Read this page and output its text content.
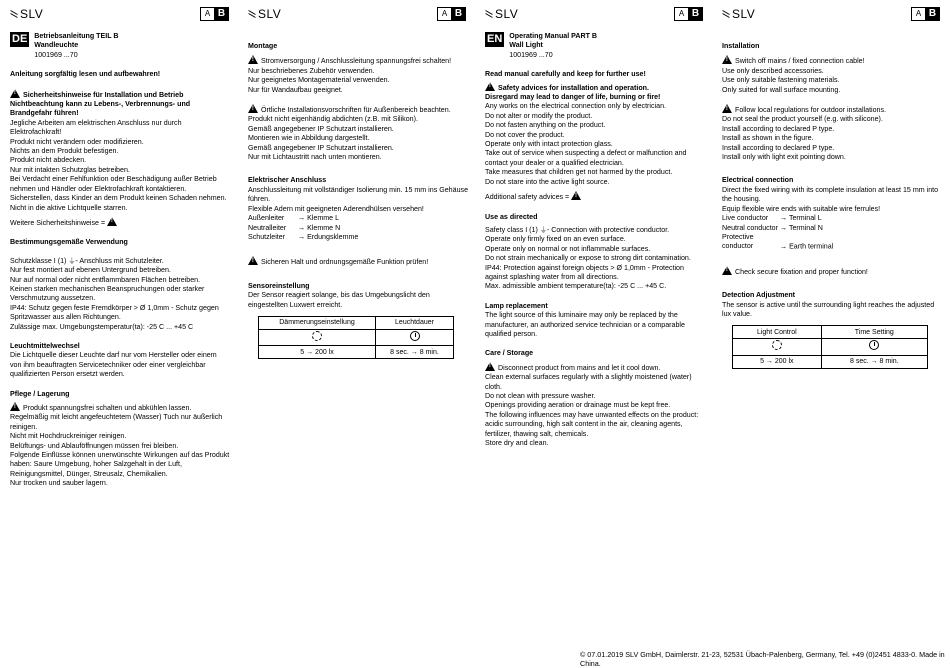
SLV	A B	SLV	A B	SLV	A B	SLV	A B
DE Betriebsanleitung TEIL B

Wandleuchte

1001969 ...70

Anleitung sorgfältig lesen und aufbewahren!

!Sicherheitshinweise für Installation und Betrieb

Nichtbeachtung kann zu Lebens-, Verbrennungs- und Brandgefahr führen!

Jegliche Arbeiten am elektrischen Anschluss nur durch Elektrofachkraft!

Produkt nicht verändern oder modifizieren.

Nichts an dem Produkt befestigen.

Produkt nicht abdecken.

Nur mit intakten Schutzglas betreiben.

Bei Verdacht einer Fehlfunktion oder Beschädigung außer Betrieb nehmen und Händler oder Elektrofachkraft kontaktieren.

Sicherstellen, dass Kinder an dem Produkt keinen Schaden nehmen.

Nicht in die aktive Lichtquelle starren.

Weitere Sicherheitshinweise = !

Bestimmungsgemäße Verwendung

Schutzklasse I (1) ⏚- Anschluss mit Schutzleiter.

Nur fest montiert auf ebenen Untergrund betreiben.

Nur auf normal oder nicht entflammbaren Flächen betreiben.

Keinen starken mechanischen Beanspruchungen oder starker Verschmutzung aussetzen.

IP44: Schutz gegen feste Fremdkörper > Ø 1,0mm - Schutz gegen Spritzwasser aus allen Richtungen.

Zulässige max. Umgebungstemperatur(ta): -25 C ... +45 C

Leuchtmittelwechsel

Die Lichtquelle dieser Leuchte darf nur vom Hersteller oder einem von ihm beauftragten Servicetechniker oder einer vergleichbar qualifizierten Person ersetzt werden.

Pflege / Lagerung

!Produkt spannungsfrei schalten und abkühlen lassen.

Regelmäßig mit leicht angefeuchtetem (Wasser) Tuch nur äußerlich reinigen.

Nicht mit Hochdruckreiniger reinigen.

Belüftungs- und Ablauföffnungen müssen frei bleiben.

Folgende Einflüsse können unerwünschte Wirkungen auf das Produkt haben: Saure Umgebung, hoher Salzgehalt in der Luft, Reinigungsmittel, Dünger, Streusalz, Chemikalien.

Nur trocken und sauber lagern.

Montage

!Stromversorgung / Anschlussleitung spannungsfrei schalten!

Nur beschriebenes Zubehör verwenden.

Nur geeignetes Montagematerial verwenden.

Nur für Wandaufbau geeignet.

!Örtliche Installationsvorschriften für Außenbereich beachten.

Produkt nicht eigenhändig abdichten (z.B. mit Silikon).

Gemäß angegebener IP Schutzart installieren.

Montieren wie in Abbildung dargestellt.

Gemäß angegebener IP Schutzart installieren.

Nur mit Lichtaustritt nach unten montieren.

Elektrischer Anschluss

Anschlussleitung mit vollständiger Isolierung min. 15 mm ins Gehäuse führen.

Flexible Adern mit geeigneten Aderendhülsen versehen!

Außenleiter → Klemme L

Neutralleiter → Klemme N

Schutzleiter → Erdungsklemme

!Sicheren Halt und ordnungsgemäße Funktion prüfen!

Sensoreinstellung

Der Sensor reagiert solange, bis das Umgebungslicht den eingestellten Luxwert erreicht.

Dämmerungseinstellung	Leuchtdauer

5 → 200 lx	8 sec. → 8 min.
EN Operating Manual PART B

Wall Light

1001969 ...70

Read manual carefully and keep for further use!

!Safety advices for installation and operation.

Disregard may lead to danger of life, burning or fire!

Any works on the electrical connection only by electrician.

Do not alter or modify the product.

Do not fasten anything on the product.

Do not cover the product.

Operate only with intact protection glass.

Take out of service when suspecting a defect or malfunction and contact your dealer or a qualified electrician.

Take measures that children get not harmed by the product.

Do not stare into the active light source.

Additional safety advices = !

Use as directed

Safety class I (1) ⏚- Connection with protective conductor.

Operate only firmly fixed on an even surface.

Operate only on normal or not inflammable surfaces.

Do not strain mechanically or expose to strong dirt contamination.

IP44: Protection against foreign objects > Ø 1,0mm - Protection against splashing water from all directions.

Max. admissible ambient temperature(ta): -25 C ... +45 C.

Lamp replacement

The light source of this luminaire may only be replaced by the manufacturer, an authorized service technician or a comparable qualified person.

Care / Storage

!Disconnect product from mains and let it cool down.

Clean external surfaces regularly with a slightly moistened (water) cloth.

Do not clean with pressure washer.

Openings providing aeration or drainage must be kept free.

The following influences may have unwanted effects on the product: acidic surrounding, high salt content in the air, cleaning agents, fertilizer, thawing salt, chemicals.

Store dry and clean.

Installation

!Switch off mains / fixed connection cable!

Use only described accessories.

Use only suitable fastening materials.

Only suited for wall surface mounting.

!Follow local regulations for outdoor installations.

Do not seal the product yourself (e.g. with silicone).

Install according to declared P type.

Install as shown in the figure.

Install according to declared P type.

Install only with light exit pointing down.

Electrical connection

Direct the fixed wiring with its complete insulation at least 15 mm into the housing.

Equip flexible wire ends with suitable wire ferrules!

Live conductor → Terminal L

Neutral conductor → Terminal N

Protective conductor	→ Earth terminal

!Check secure fixation and proper function!

Detection Adjustment

The sensor is active until the surrounding light reaches the adjusted lux value.

Light Control	Time Setting

5 → 200 lx	8 sec. → 8 min.
© 07.01.2019 SLV GmbH, Daimlerstr. 21-23, 52531 Übach-Palenberg, Germany, Tel. +49 (0)2451 4833-0. Made in China.
